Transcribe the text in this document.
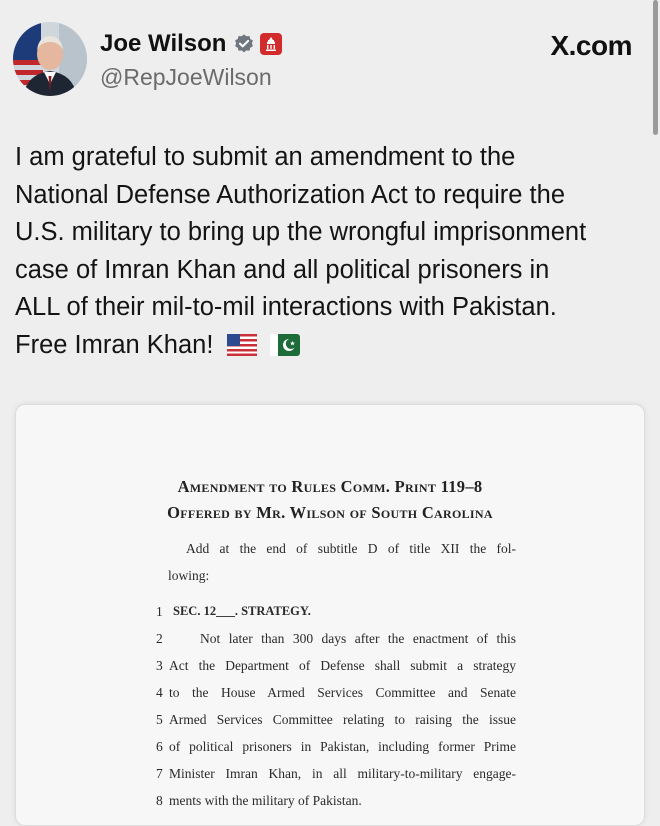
Joe Wilson
@RepJoeWilson
X.com
I am grateful to submit an amendment to the
National Defense Authorization Act to require the
U.S. military to bring up the wrongful imprisonment
case of Imran Khan and all political prisoners in
ALL of their mil-to-mil interactions with Pakistan.
Free Imran Khan!
Amendment to Rules Comm. Print 119–8
Offered by Mr. Wilson of South Carolina
Add at the end of subtitle D of title XII the fol-
lowing:
1 SEC. 12___. STRATEGY.
2	Not later than 300 days after the enactment of this
3 Act the Department of Defense shall submit a strategy
4 to the House Armed Services Committee and Senate
5 Armed Services Committee relating to raising the issue
6 of political prisoners in Pakistan, including former Prime
7 Minister Imran Khan, in all military-to-military engage-
8 ments with the military of Pakistan.
